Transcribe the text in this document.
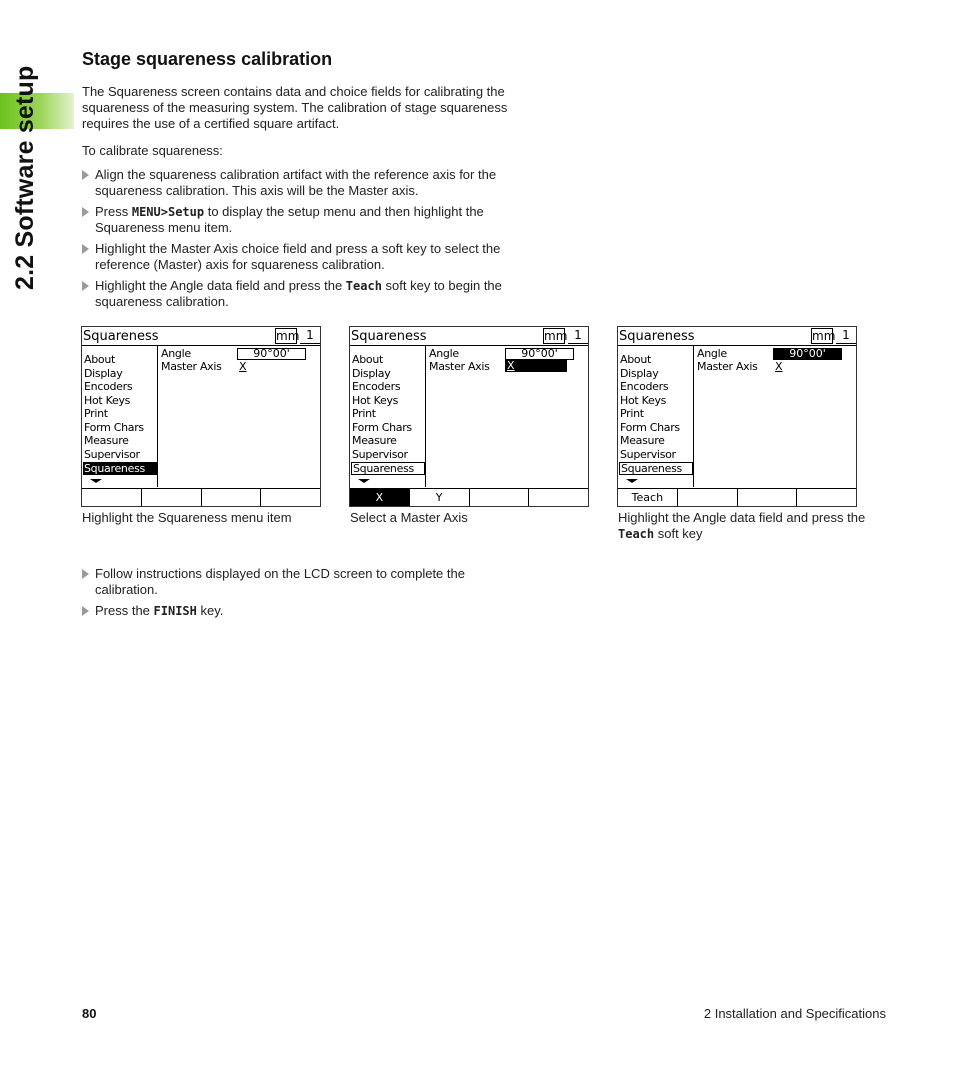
2.2 Software setup
Stage squareness calibration

The Squareness screen contains data and choice fields for calibrating the squareness of the measuring system. The calibration of stage squareness requires the use of a certified square artifact.

To calibrate squareness:

Align the squareness calibration artifact with the reference axis for the squareness calibration. This axis will be the Master axis.
Press MENU>Setup to display the setup menu and then highlight the Squareness menu item.
Highlight the Master Axis choice field and press a soft key to select the reference (Master) axis for squareness calibration.
Highlight the Angle data field and press the Teach soft key to begin the squareness calibration.
Squareness	mm 1
About
Display
Encoders
Hot Keys
Print
Form Chars
Measure
Supervisor
Squareness
Angle
Master Axis
90°00'
X
Squareness	mm 1
About
Display
Encoders
Hot Keys
Print
Form Chars
Measure
Supervisor
Squareness
Angle
Master Axis
90°00'
X
X	Y
Squareness	mm 1
About
Display
Encoders
Hot Keys
Print
Form Chars
Measure
Supervisor
Squareness
Angle
Master Axis
90°00'
X
Teach
Highlight the Squareness menu item	Select a Master Axis	Highlight the Angle data field and press the Teach soft key
Follow instructions displayed on the LCD screen to complete the calibration.
Press the FINISH key.
80	2 Installation and Specifications
